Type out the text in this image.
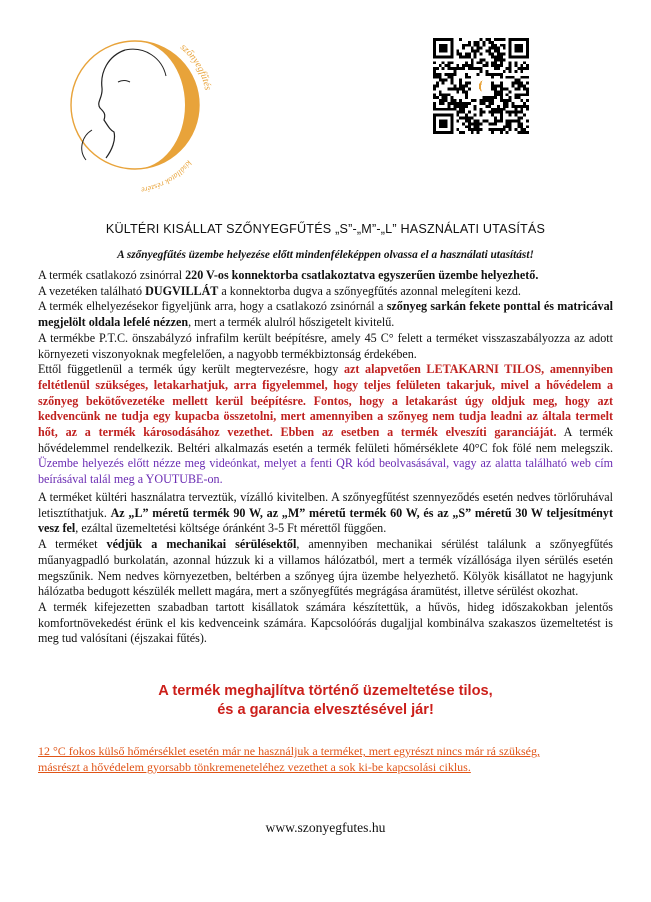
szőnyegfűtés
kisállatok részére
KÜLTÉRI KISÁLLAT SZŐNYEGFŰTÉS „S”-„M”-„L” HASZNÁLATI UTASÍTÁS
A szőnyegfűtés üzembe helyezése előtt mindenféleképpen olvassa el a használati utasítást!

A termék csatlakozó zsinórral 220 V-os konnektorba csatlakoztatva egyszerűen üzembe helyezhető.

A vezetéken található DUGVILLÁT a konnektorba dugva a szőnyegfűtés azonnal melegíteni kezd.

A termék elhelyezésekor figyeljünk arra, hogy a csatlakozó zsinórnál a szőnyeg sarkán fekete ponttal és matricával megjelölt oldala lefelé nézzen, mert a termék alulról hőszigetelt kivitelű.

A termékbe P.T.C. önszabályzó infrafilm került beépítésre, amely 45 C° felett a terméket visszaszabályozza az adott környezeti viszonyoknak megfelelően, a nagyobb termékbiztonság érdekében.

Ettől függetlenül a termék úgy került megtervezésre, hogy azt alapvetően LETAKARNI TILOS, amennyiben feltétlenül szükséges, letakarhatjuk, arra figyelemmel, hogy teljes felületen takarjuk, mivel a hővédelem a szőnyeg bekötővezetéke mellett kerül beépítésre. Fontos, hogy a letakarást úgy oldjuk meg, hogy azt kedvencünk ne tudja egy kupacba összetolni, mert amennyiben a szőnyeg nem tudja leadni az általa termelt hőt, az a termék károsodásához vezethet. Ebben az esetben a termék elveszíti garanciáját. A termék hővédelemmel rendelkezik. Beltéri alkalmazás esetén a termék felületi hőmérséklete 40°C fok fölé nem melegszik. Üzembe helyezés előtt nézze meg videónkat, melyet a fenti QR kód beolvasásával, vagy az alatta található web cím beírásával talál meg a YOUTUBE-on.

A terméket kültéri használatra terveztük, vízálló kivitelben. A szőnyegfűtést szennyeződés esetén nedves törlőruhával letisztíthatjuk. Az „L” méretű termék 90 W, az „M” méretű termék 60 W, és az „S” méretű 30 W teljesítményt vesz fel, ezáltal üzemeltetési költsége óránként 3-5 Ft mérettől függően.

A terméket védjük a mechanikai sérülésektől, amennyiben mechanikai sérülést találunk a szőnyegfűtés műanyagpadló burkolatán, azonnal húzzuk ki a villamos hálózatból, mert a termék vízállósága ilyen sérülés esetén megszűnik. Nem nedves környezetben, beltérben a szőnyeg újra üzembe helyezhető. Kölyök kisállatot ne hagyjunk hálózatba bedugott készülék mellett magára, mert a szőnyegfűtés megrágása áramütést, illetve sérülést okozhat.

A termék kifejezetten szabadban tartott kisállatok számára készítettük, a hűvös, hideg időszakokban jelentős komfortnövekedést érünk el kis kedvenceink számára. Kapcsolóórás dugaljjal kombinálva szakaszos üzemeltetést is meg tud valósítani (éjszakai fűtés).

A termék meghajlítva történő üzemeltetése tilos,
és a garancia elvesztésével jár!
12 °C fokos külső hőmérséklet esetén már ne használjuk a terméket, mert egyrészt nincs már rá szükség,
másrészt a hővédelem gyorsabb tönkremeneteléhez vezethet a sok ki-be kapcsolási ciklus.
www.szonyegfutes.hu
